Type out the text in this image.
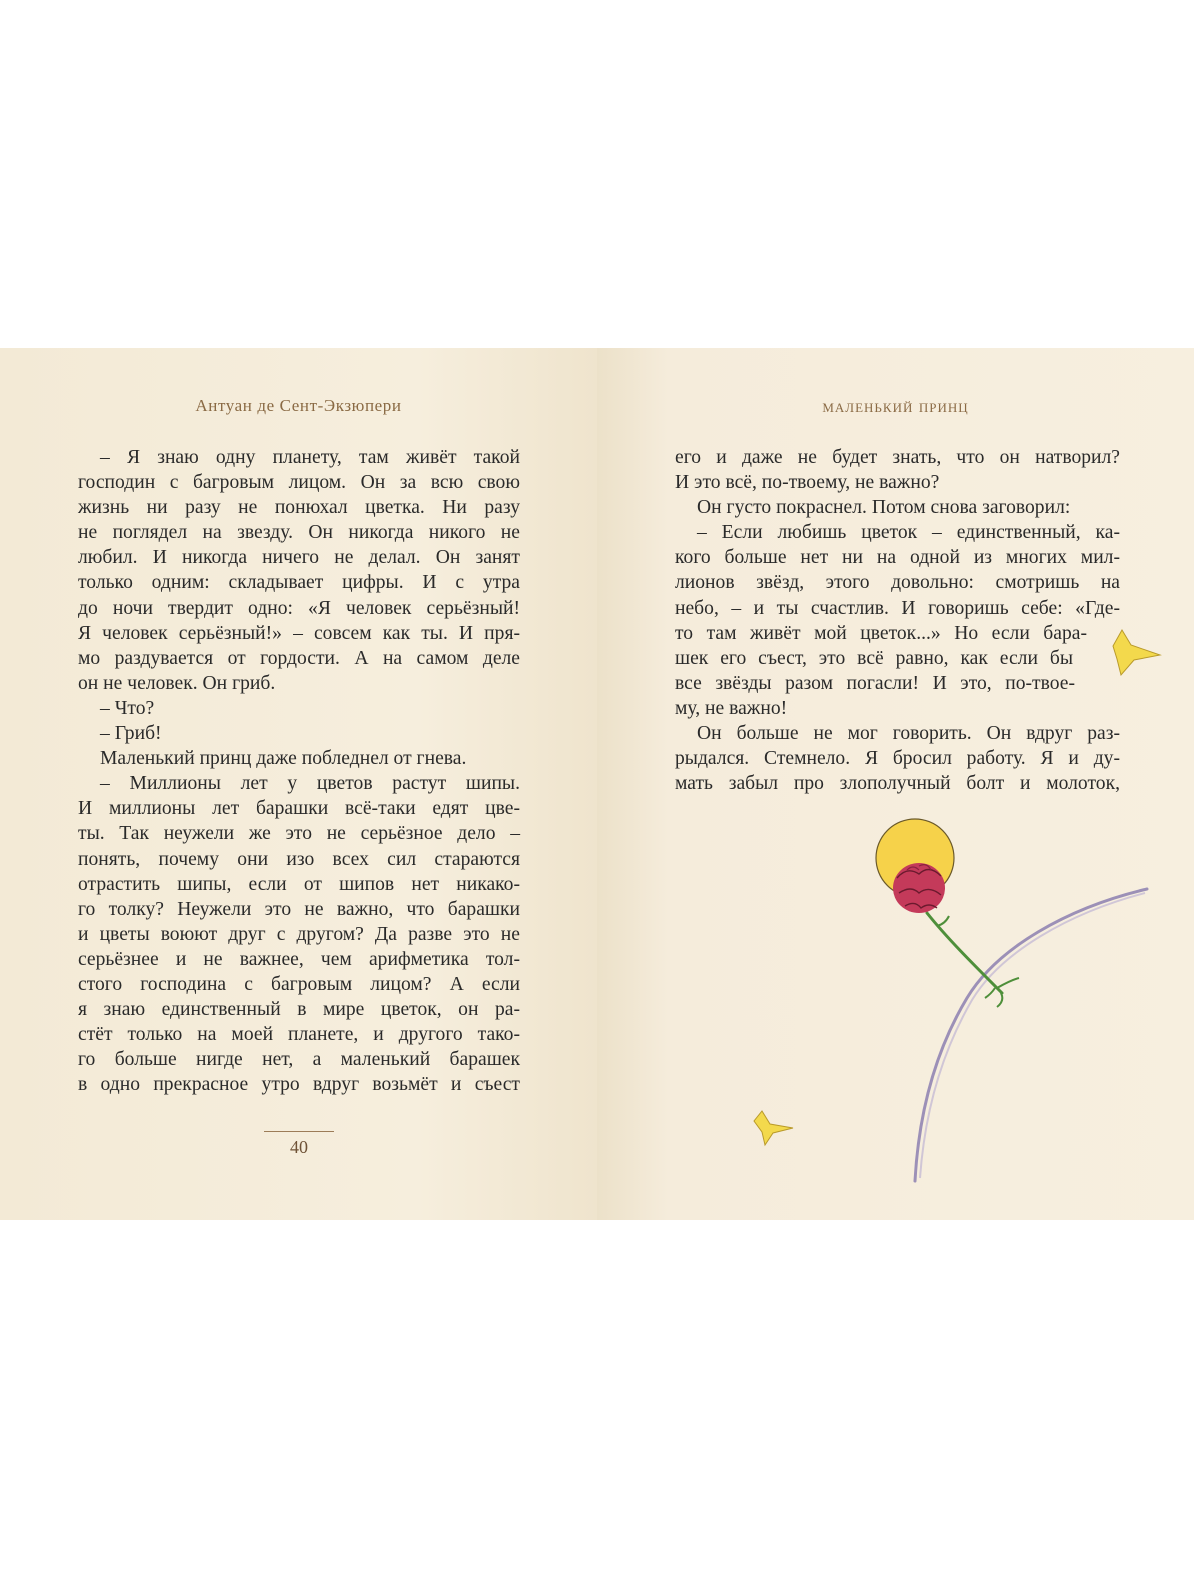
Антуан де Сент-Экзюпери
– Я знаю одну планету, там живёт такой
господин с багровым лицом. Он за всю свою
жизнь ни разу не понюхал цветка. Ни разу
не поглядел на звезду. Он никогда никого не
любил. И никогда ничего не делал. Он занят
только одним: складывает цифры. И с утра
до ночи твердит одно: «Я человек серьёзный!
Я человек серьёзный!» – совсем как ты. И пря-
мо раздувается от гордости. А на самом деле
он не человек. Он гриб.
– Что?
– Гриб!
Маленький принц даже побледнел от гнева.
– Миллионы лет у цветов растут шипы.
И миллионы лет барашки всё-таки едят цве-
ты. Так неужели же это не серьёзное дело –
понять, почему они изо всех сил стараются
отрастить шипы, если от шипов нет никако-
го толку? Неужели это не важно, что барашки
и цветы воюют друг с другом? Да разве это не
серьёзнее и не важнее, чем арифметика тол-
стого господина с багровым лицом? А если
я знаю единственный в мире цветок, он ра-
стёт только на моей планете, и другого тако-
го больше нигде нет, а маленький барашек
в одно прекрасное утро вдруг возьмёт и съест
40
маленький принц
его и даже не будет знать, что он натворил?
И это всё, по-твоему, не важно?
Он густо покраснел. Потом снова заговорил:
– Если любишь цветок – единственный, ка-
кого больше нет ни на одной из многих мил-
лионов звёзд, этого довольно: смотришь на
небо, – и ты счастлив. И говоришь себе: «Где-
то там живёт мой цветок...» Но если бара-
шек его съест, это всё равно, как если бы
все звёзды разом погасли! И это, по-твое-
му, не важно!
Он больше не мог говорить. Он вдруг раз-
рыдался. Стемнело. Я бросил работу. Я и ду-
мать забыл про злополучный болт и молоток,
